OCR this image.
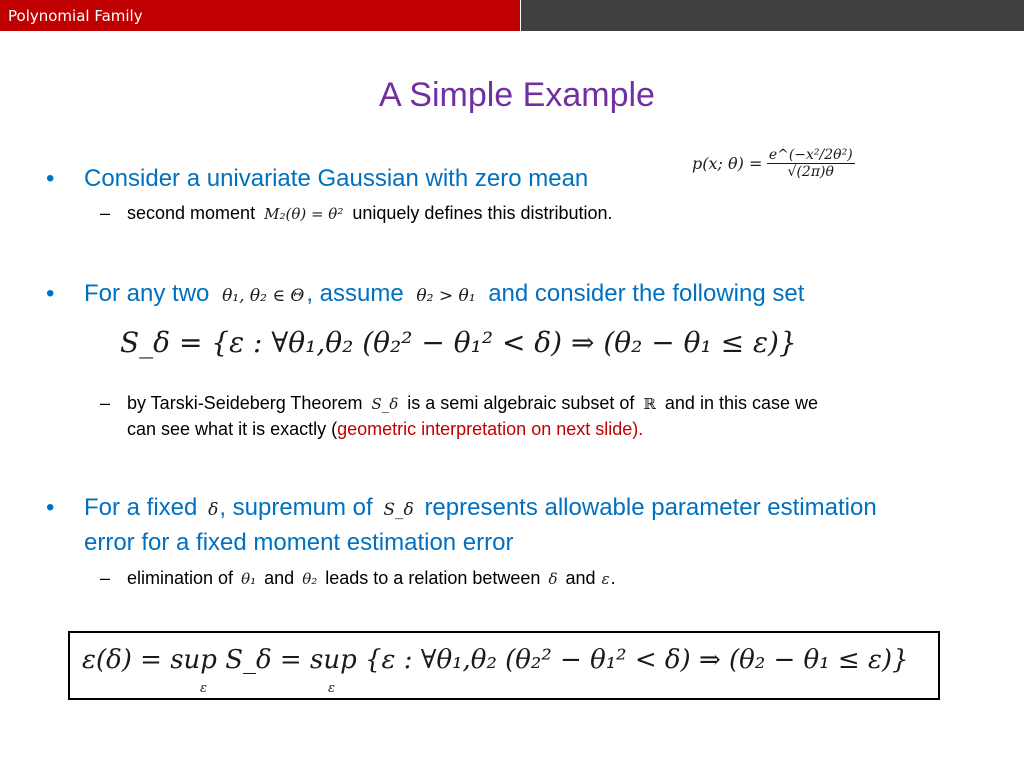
Polynomial Family
A Simple Example
• Consider a univariate Gaussian with zero mean
p(x; $\theta) = \frac{\text{e\textasciicircum{}(−x²/2θ²)}}{√(2\pi)\theta}$
– second moment M₂(θ) = θ² uniquely defines this distribution.
• For any two θ₁, θ₂ ∈ Θ, assume θ₂ > θ₁ and consider the following set
S_δ = {ε : ∀θ₁,θ₂ (θ₂² − θ₁² < δ) ⇒ (θ₂ − θ₁ ≤ ε)}
– by Tarski-Seideberg Theorem S_δ is a semi algebraic subset of ℝ and in this case we
can see what it is exactly (geometric interpretation on next slide).
• For a fixed δ, supremum of S_δ represents allowable parameter estimation
error for a fixed moment estimation error
– elimination of θ₁ and θ₂ leads to a relation between δ and ε.
ε(δ) = sup S_δ = sup {ε : ∀θ₁,θ₂ (θ₂² − θ₁² < δ) ⇒ (θ₂ − θ₁ ≤ ε)}
ε	ε
